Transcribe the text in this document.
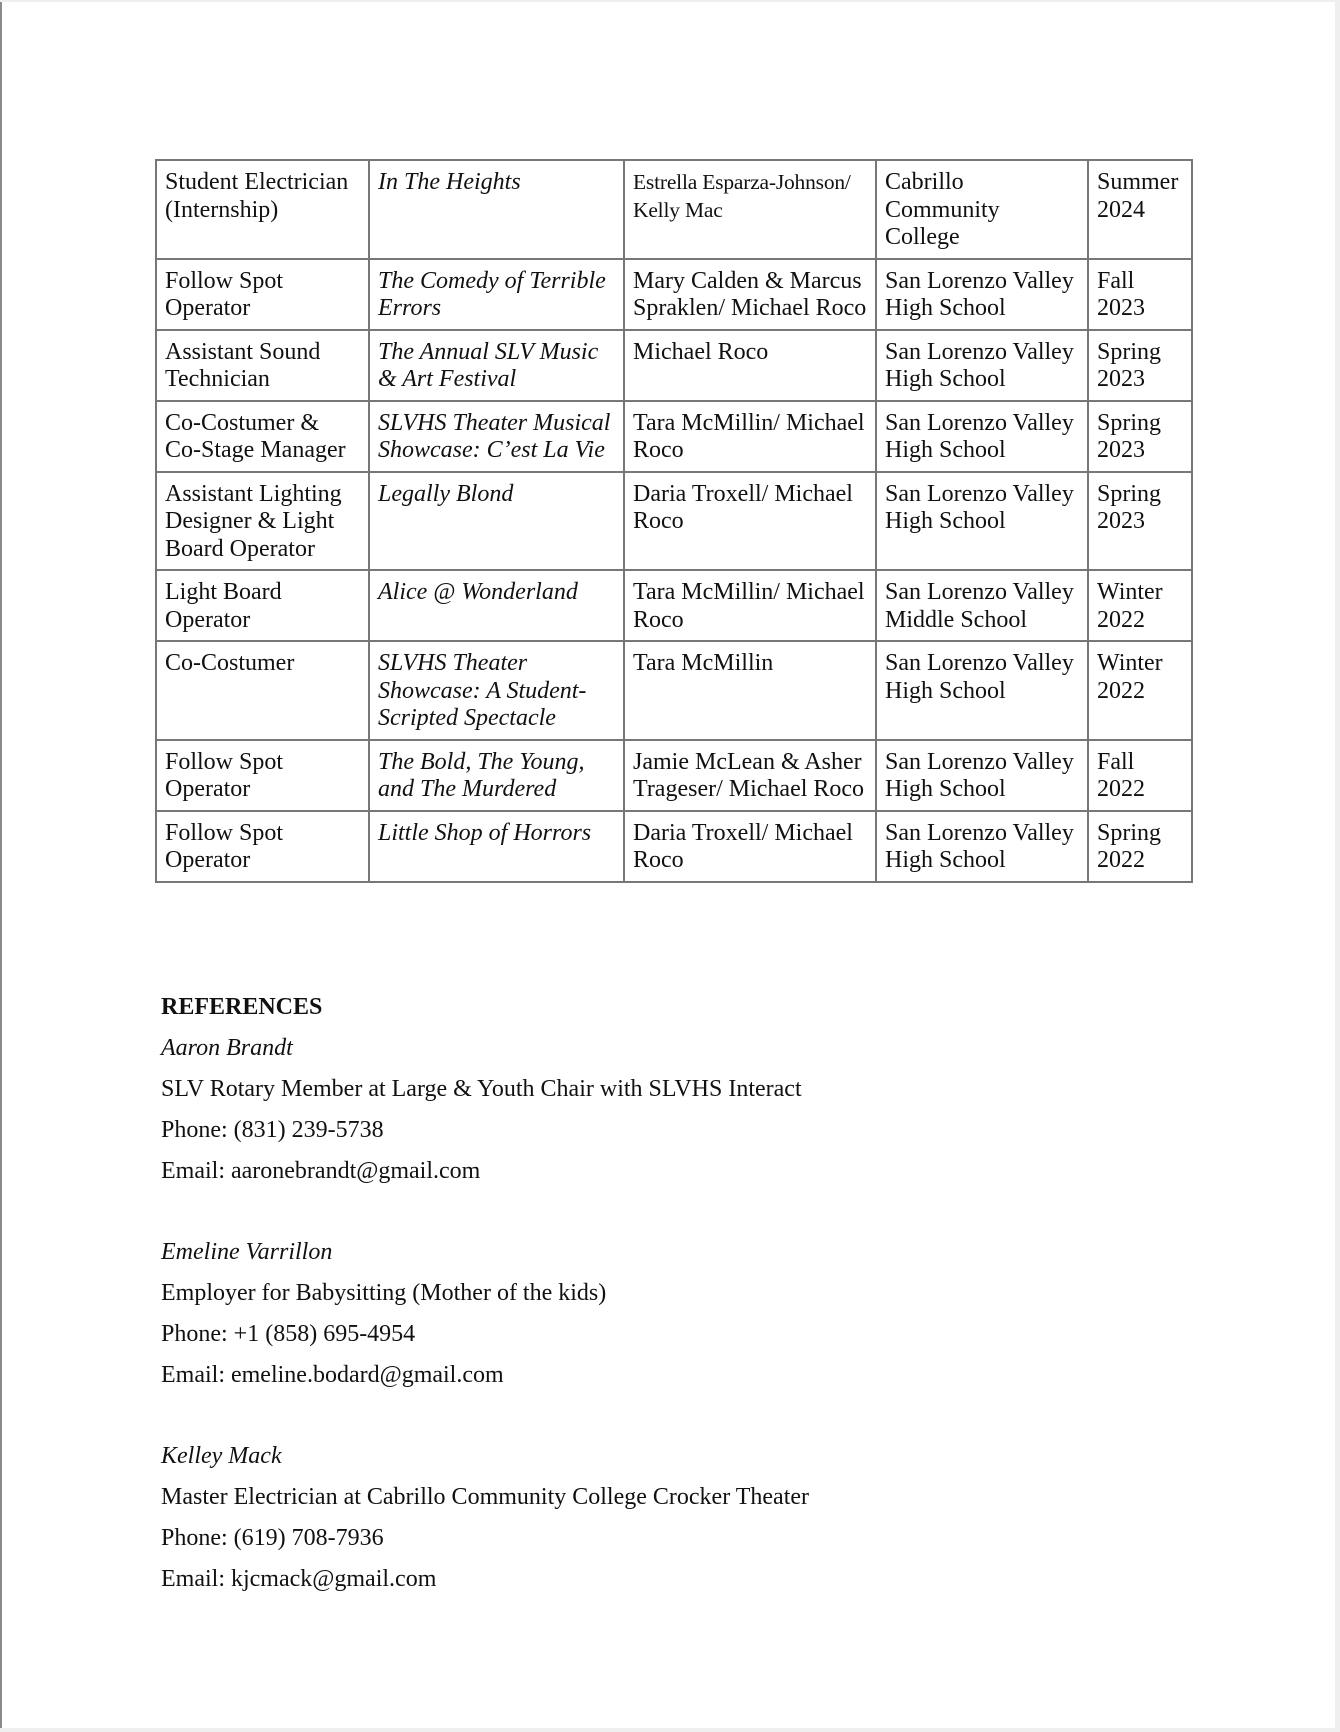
Student Electrician (Internship)	In The Heights	Estrella Esparza-Johnson/ Kelly Mac	Cabrillo Community College	Summer 2024
Follow Spot Operator	The Comedy of Terrible Errors	Mary Calden & Marcus Spraklen/ Michael Roco	San Lorenzo Valley High School	Fall 2023
Assistant Sound Technician	The Annual SLV Music & Art Festival	Michael Roco	San Lorenzo Valley High School	Spring 2023
Co-Costumer & Co-Stage Manager	SLVHS Theater Musical Showcase: C’est La Vie	Tara McMillin/ Michael Roco	San Lorenzo Valley High School	Spring 2023
Assistant Lighting Designer & Light Board Operator	Legally Blond	Daria Troxell/ Michael Roco	San Lorenzo Valley High School	Spring 2023
Light Board Operator	Alice @ Wonderland	Tara McMillin/ Michael Roco	San Lorenzo Valley Middle School	Winter 2022
Co-Costumer	SLVHS Theater Showcase: A Student-Scripted Spectacle	Tara McMillin	San Lorenzo Valley High School	Winter 2022
Follow Spot Operator	The Bold, The Young, and The Murdered	Jamie McLean & Asher Trageser/ Michael Roco	San Lorenzo Valley High School	Fall 2022
Follow Spot Operator	Little Shop of Horrors	Daria Troxell/ Michael Roco	San Lorenzo Valley High School	Spring 2022
REFERENCES
Aaron Brandt
SLV Rotary Member at Large & Youth Chair with SLVHS Interact
Phone: (831) 239-5738
Email: aaronebrandt@gmail.com
Emeline Varrillon
Employer for Babysitting (Mother of the kids)
Phone: +1 (858) 695-4954
Email: emeline.bodard@gmail.com
Kelley Mack
Master Electrician at Cabrillo Community College Crocker Theater
Phone: (619) 708-7936
Email: kjcmack@gmail.com
